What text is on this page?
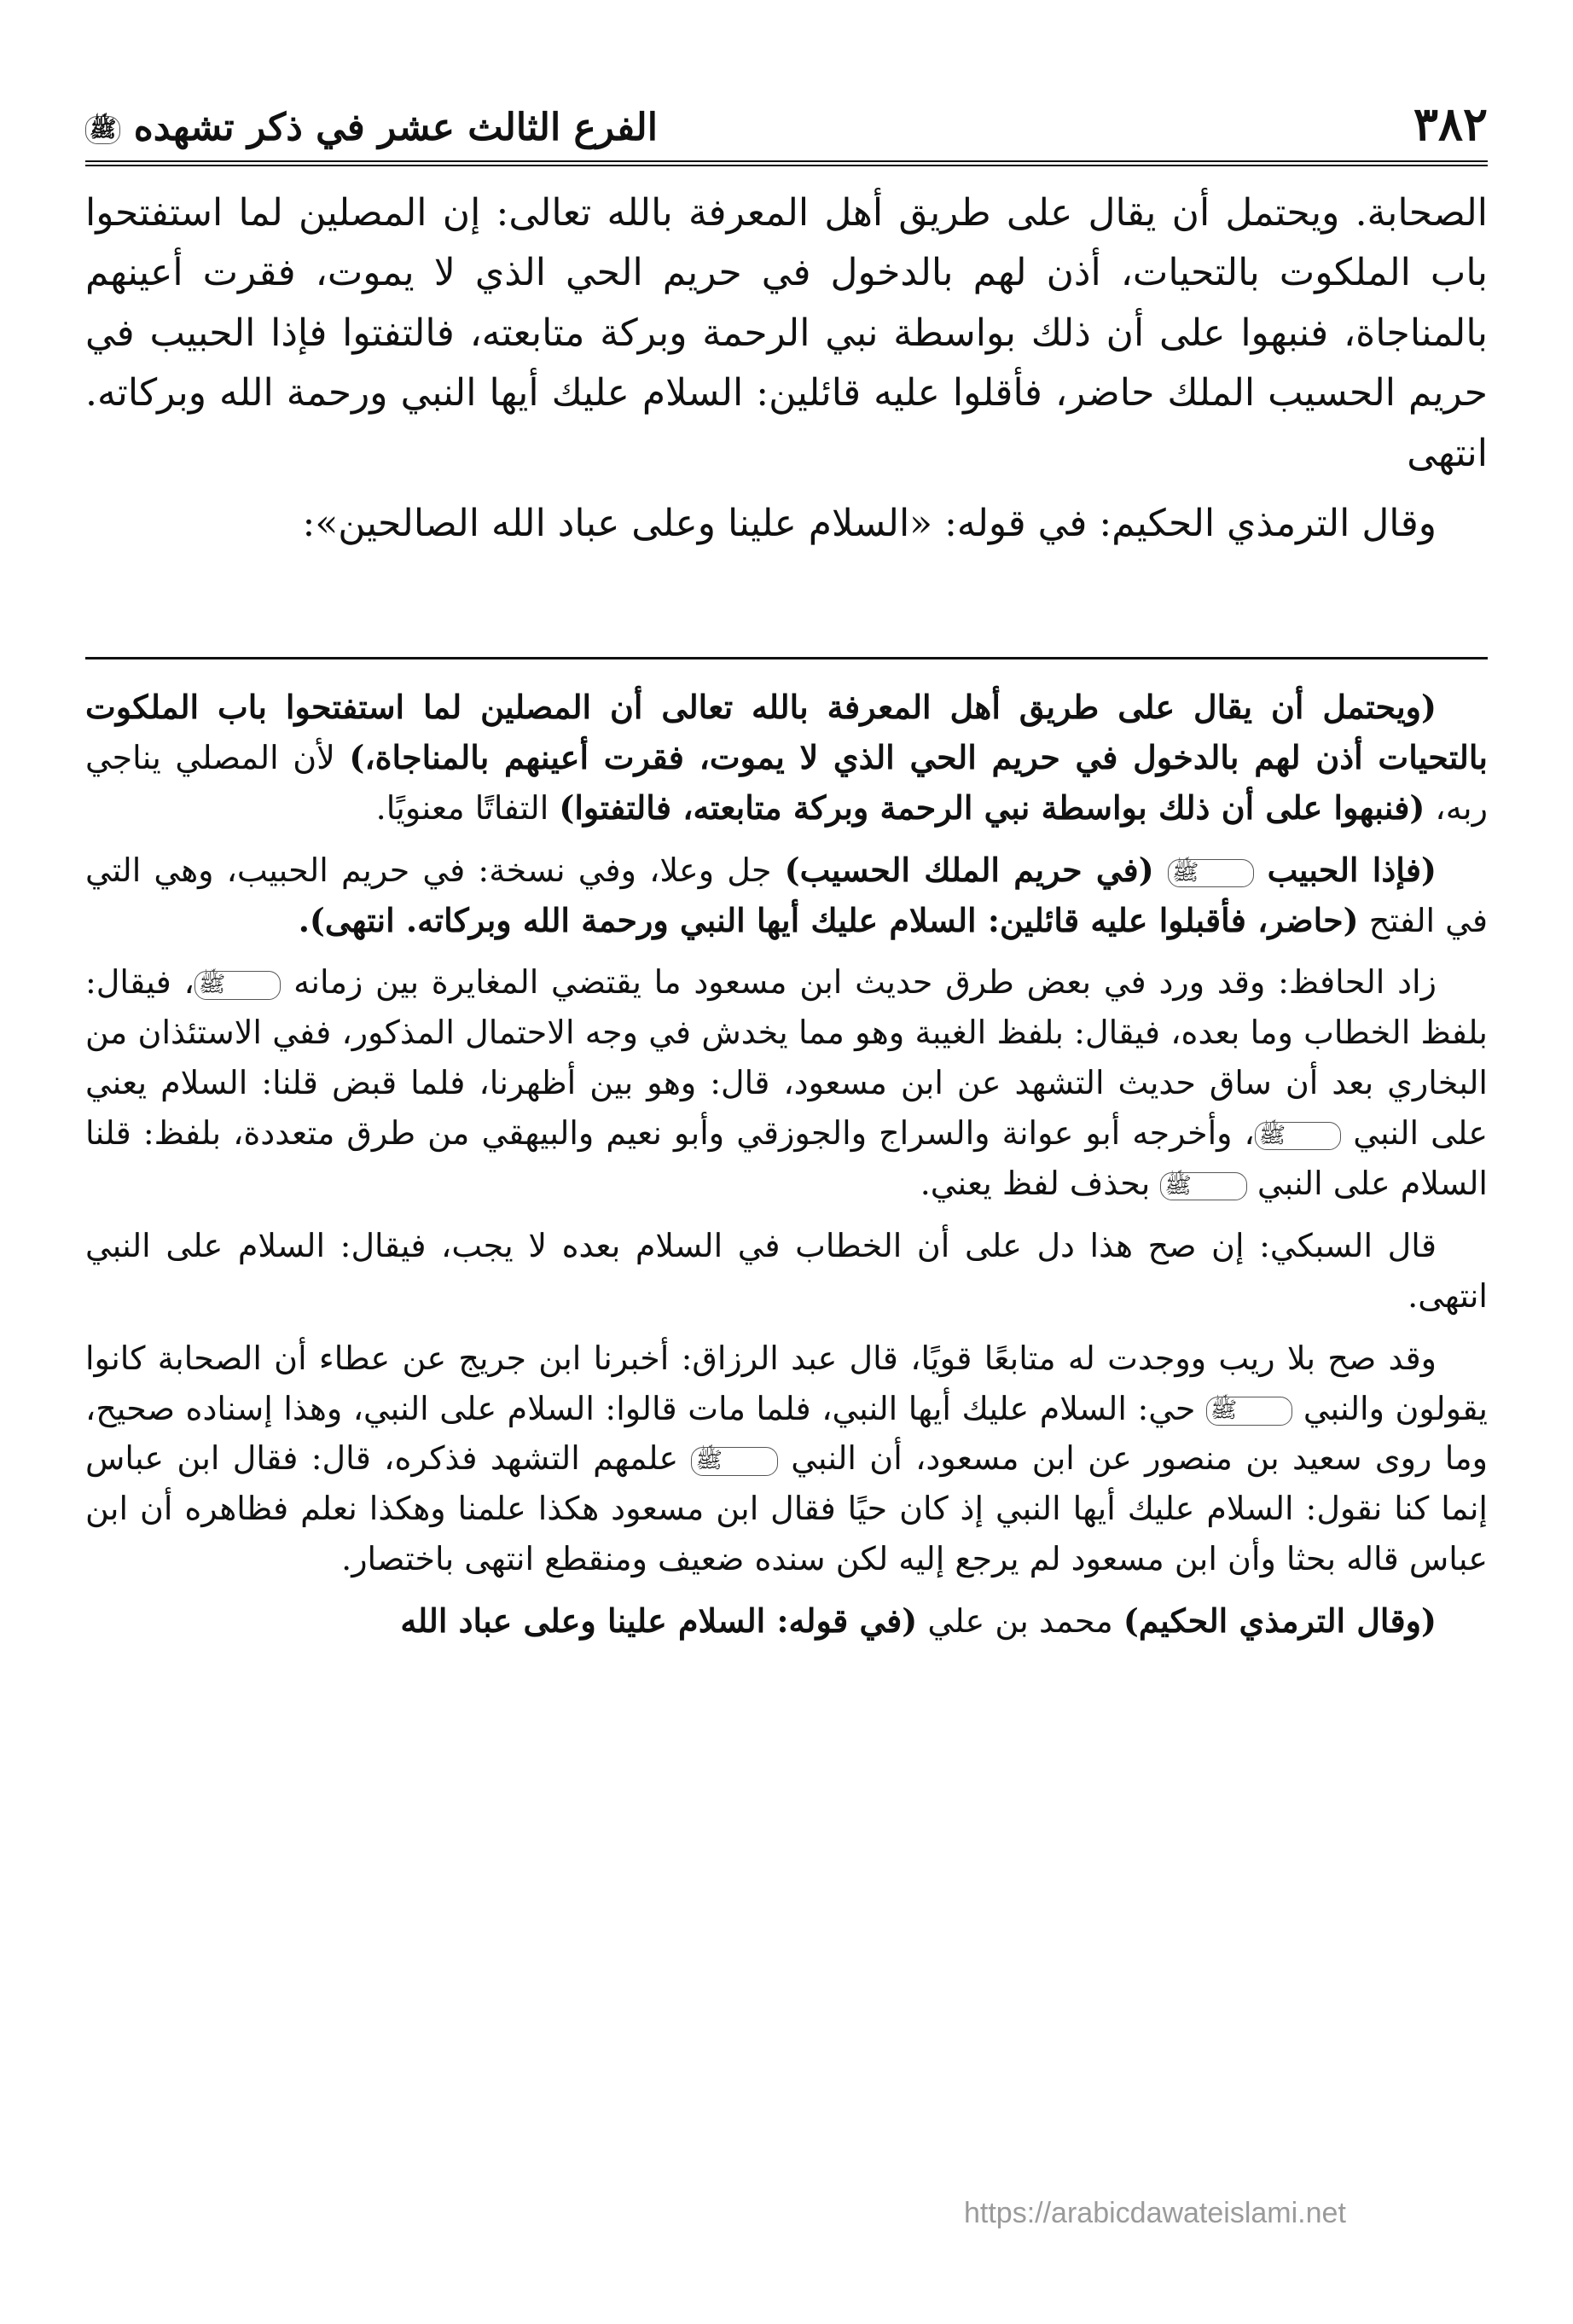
٣٨٢
الفرع الثالث عشر في ذكر تشهده ﷺ

الصحابة. ويحتمل أن يقال على طريق أهل المعرفة بالله تعالى: إن المصلين لما استفتحوا باب الملكوت بالتحيات، أذن لهم بالدخول في حريم الحي الذي لا يموت، فقرت أعينهم بالمناجاة، فنبهوا على أن ذلك بواسطة نبي الرحمة وبركة متابعته، فالتفتوا فإذا الحبيب في حريم الحسيب الملك حاضر، فأقلوا عليه قائلين: السلام عليك أيها النبي ورحمة الله وبركاته. انتهى

وقال الترمذي الحكيم: في قوله: «السلام علينا وعلى عباد الله الصالحين»:

(ويحتمل أن يقال على طريق أهل المعرفة بالله تعالى أن المصلين لما استفتحوا باب الملكوت بالتحيات أذن لهم بالدخول في حريم الحي الذي لا يموت، فقرت أعينهم بالمناجاة،) لأن المصلي يناجي ربه، (فنبهوا على أن ذلك بواسطة نبي الرحمة وبركة متابعته، فالتفتوا) التفاتًا معنويًا.

(فإذا الحبيب ﷺ (في حريم الملك الحسيب) جل وعلا، وفي نسخة: في حريم الحبيب، وهي التي في الفتح (حاضر، فأقبلوا عليه قائلين: السلام عليك أيها النبي ورحمة الله وبركاته. انتهى).

زاد الحافظ: وقد ورد في بعض طرق حديث ابن مسعود ما يقتضي المغايرة بين زمانه ﷺ، فيقال: بلفظ الخطاب وما بعده، فيقال: بلفظ الغيبة وهو مما يخدش في وجه الاحتمال المذكور، ففي الاستئذان من البخاري بعد أن ساق حديث التشهد عن ابن مسعود، قال: وهو بين أظهرنا، فلما قبض قلنا: السلام يعني على النبي ﷺ، وأخرجه أبو عوانة والسراج والجوزقي وأبو نعيم والبيهقي من طرق متعددة، بلفظ: قلنا السلام على النبي ﷺ بحذف لفظ يعني.

قال السبكي: إن صح هذا دل على أن الخطاب في السلام بعده لا يجب، فيقال: السلام على النبي انتهى.

وقد صح بلا ريب ووجدت له متابعًا قويًا، قال عبد الرزاق: أخبرنا ابن جريج عن عطاء أن الصحابة كانوا يقولون والنبي ﷺ حي: السلام عليك أيها النبي، فلما مات قالوا: السلام على النبي، وهذا إسناده صحيح، وما روى سعيد بن منصور عن ابن مسعود، أن النبي ﷺ علمهم التشهد فذكره، قال: فقال ابن عباس إنما كنا نقول: السلام عليك أيها النبي إذ كان حيًا فقال ابن مسعود هكذا علمنا وهكذا نعلم فظاهره أن ابن عباس قاله بحثا وأن ابن مسعود لم يرجع إليه لكن سنده ضعيف ومنقطع انتهى باختصار.

(وقال الترمذي الحكيم) محمد بن علي (في قوله: السلام علينا وعلى عباد الله

https://arabicdawateislami.net
